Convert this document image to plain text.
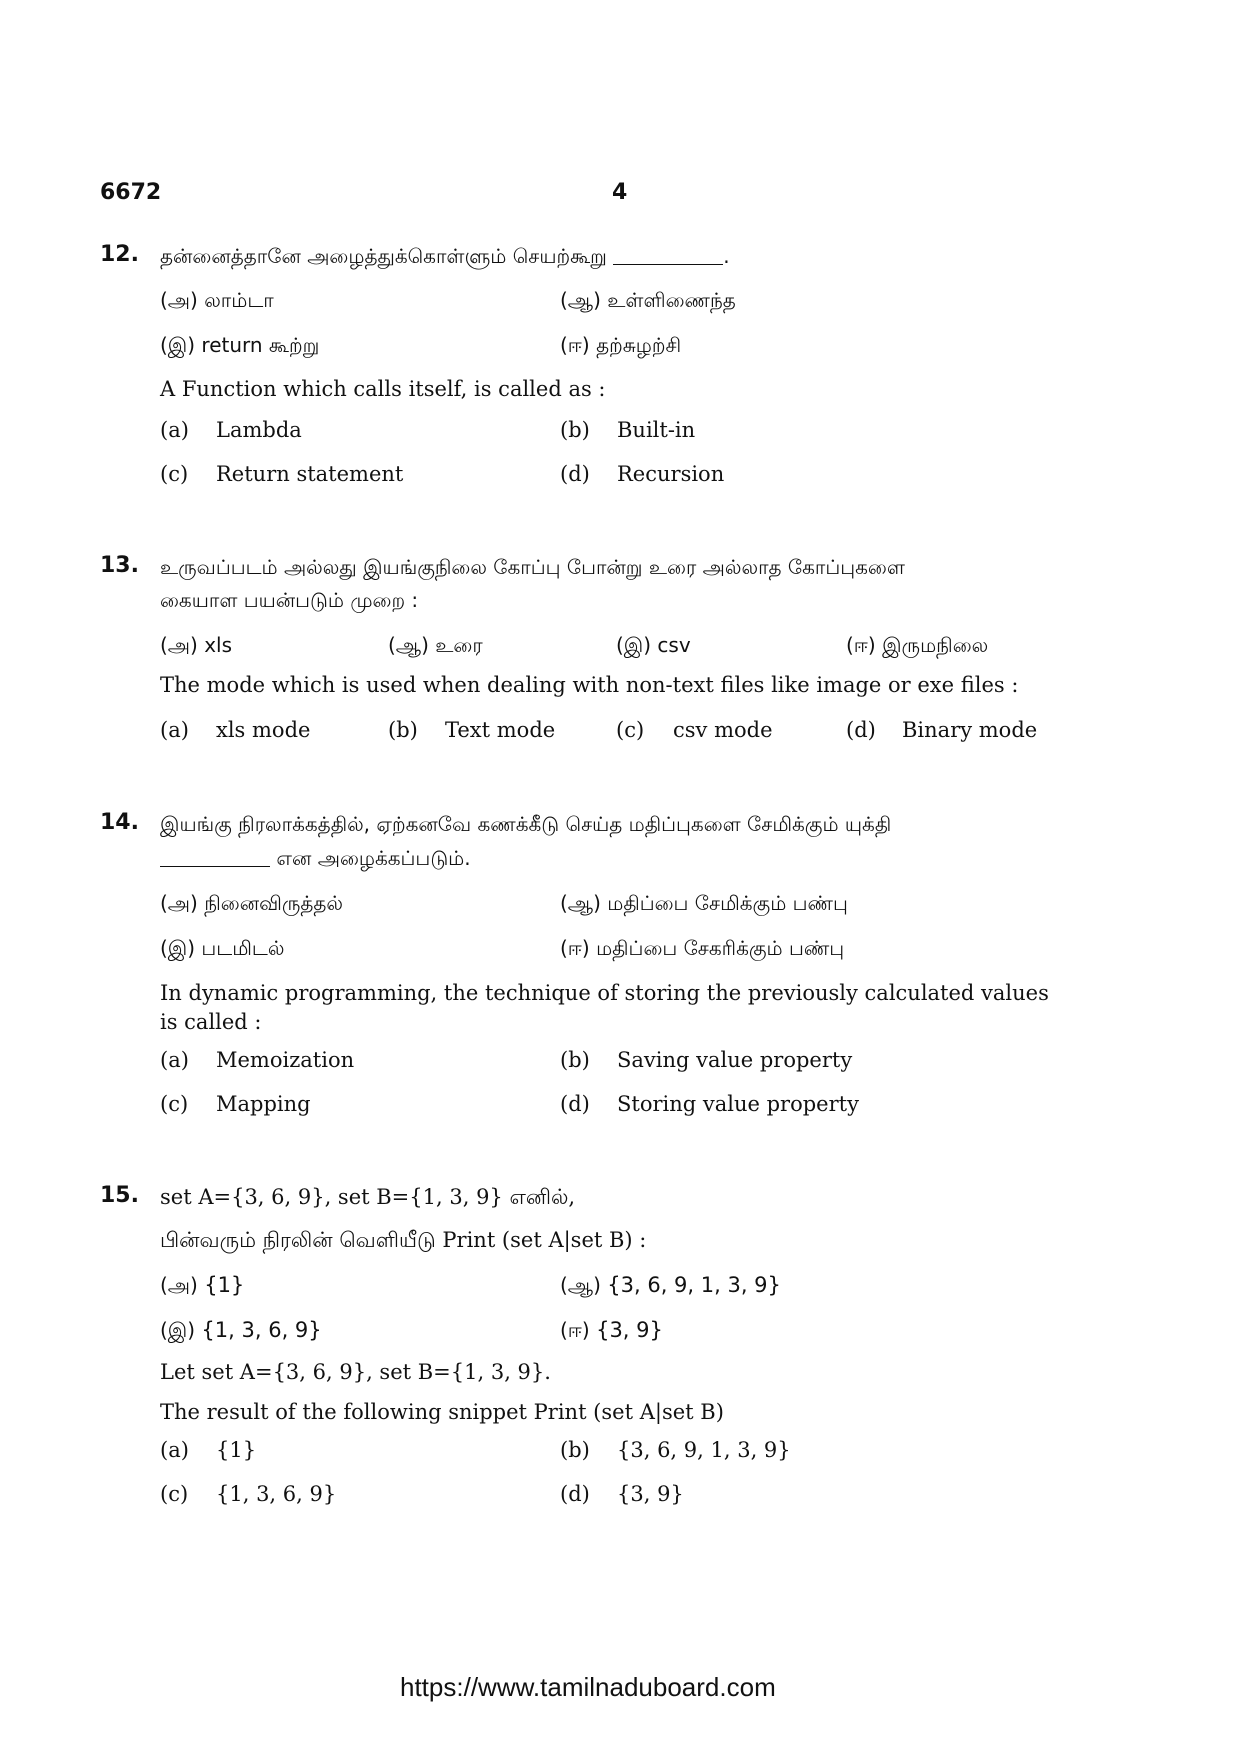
6672	4
12. தன்னைத்தானே அழைத்துக்கொள்ளும் செயற்கூறு	.
(அ) லாம்டா	(ஆ) உள்ளிணைந்த
(இ) return கூற்று	(ஈ) தற்சுழற்சி
A Function which calls itself, is called as :
(a) Lambda	(b) Built-in
(c) Return statement	(d) Recursion
13. உருவப்படம் அல்லது இயங்குநிலை கோப்பு போன்று உரை அல்லாத கோப்புகளை
கையாள பயன்படும் முறை :
(அ) xls	(ஆ) உரை	(இ) csv	(ஈ) இருமநிலை
The mode which is used when dealing with non-text files like image or exe files :
(a) xls mode	(b) Text mode	(c) csv mode	(d) Binary mode
14. இயங்கு நிரலாக்கத்தில், ஏற்கனவே கணக்கீடு செய்த மதிப்புகளை சேமிக்கும் யுக்தி
என அழைக்கப்படும்.
(அ) நினைவிருத்தல்	(ஆ) மதிப்பை சேமிக்கும் பண்பு
(இ) படமிடல்	(ஈ) மதிப்பை சேகரிக்கும் பண்பு
In dynamic programming, the technique of storing the previously calculated values
is called :
(a) Memoization	(b) Saving value property
(c) Mapping	(d) Storing value property
15. set A={3, 6, 9}, set B={1, 3, 9} எனில்,
பின்வரும் நிரலின் வெளியீடு Print (set A|set B) :
(அ) {1}	(ஆ) {3, 6, 9, 1, 3, 9}
(இ) {1, 3, 6, 9}	(ஈ) {3, 9}
Let set A={3, 6, 9}, set B={1, 3, 9}.
The result of the following snippet Print (set A|set B)
(a) {1}	(b) {3, 6, 9, 1, 3, 9}
(c) {1, 3, 6, 9}	(d) {3, 9}
https://www.tamilnaduboard.com
